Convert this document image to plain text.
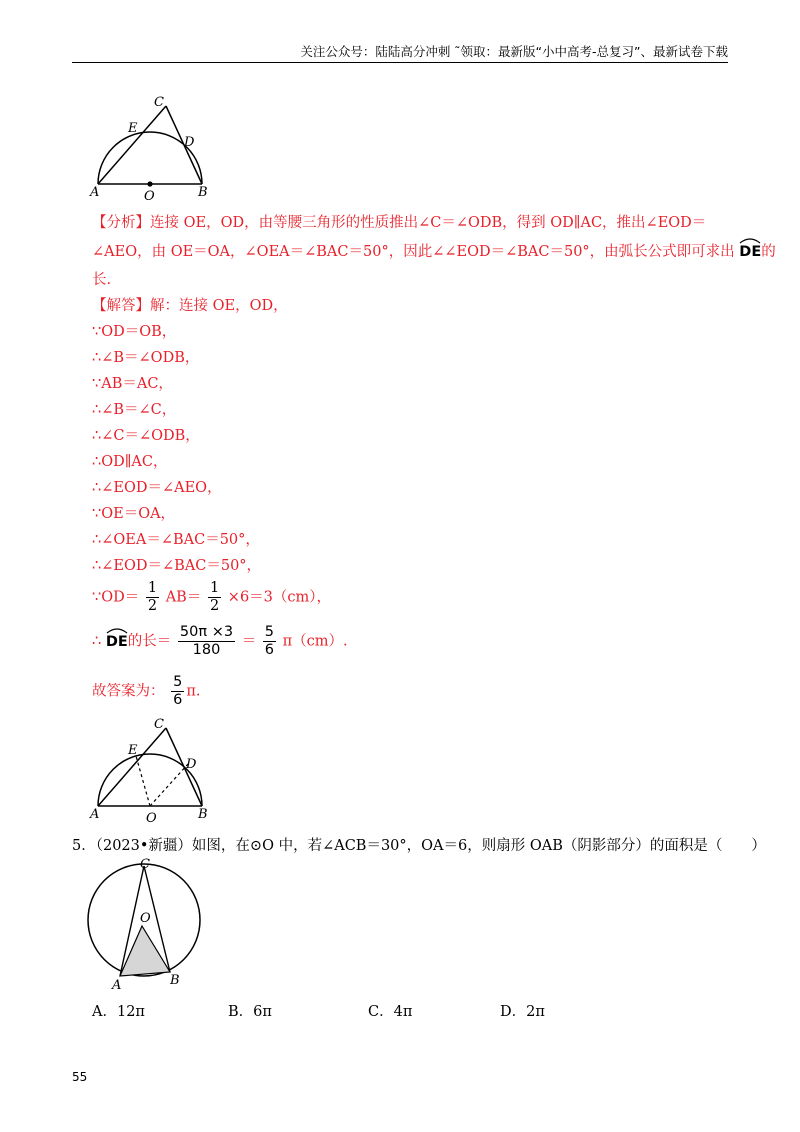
关注公众号：陆陆高分冲刺 ˜领取：最新版“小中高考-总复习”、最新试卷下载
C
E
D
A	O	B
【分析】连接 OE，OD，由等腰三角形的性质推出∠C＝∠ODB，得到 OD∥AC，推出∠EOD＝
∠AEO，由 OE＝OA，∠OEA＝∠BAC＝50°，因此∠∠EOD＝∠BAC＝50°，由弧长公式即可求出 DE的
长.
【解答】解：连接 OE，OD，
∵OD＝OB，
∴∠B＝∠ODB，
∵AB＝AC，
∴∠B＝∠C，
∴∠C＝∠ODB，
∴OD∥AC，
∴∠EOD＝∠AEO，
∵OE＝OA，
∴∠OEA＝∠BAC＝50°，
∴∠EOD＝∠BAC＝50°，
∵OD＝ $\frac{1}{2} AB= \frac{1}{2} \times 6=3(cm)$，
∴ DE的长＝ $\frac{50\pi \times 3}{180} = \frac{5}{6} \pi(cm)$.
故答案为： $\frac{5}{6} \pi$.
C
E
D
A	O	B
5．（2023•新疆）如图，在⊙O 中，若∠ACB＝30°，OA＝6，则扇形 OAB（阴影部分）的面积是（　　）
C
O
A	B
A．12π	B．6π	C．4π	D．2π
55
